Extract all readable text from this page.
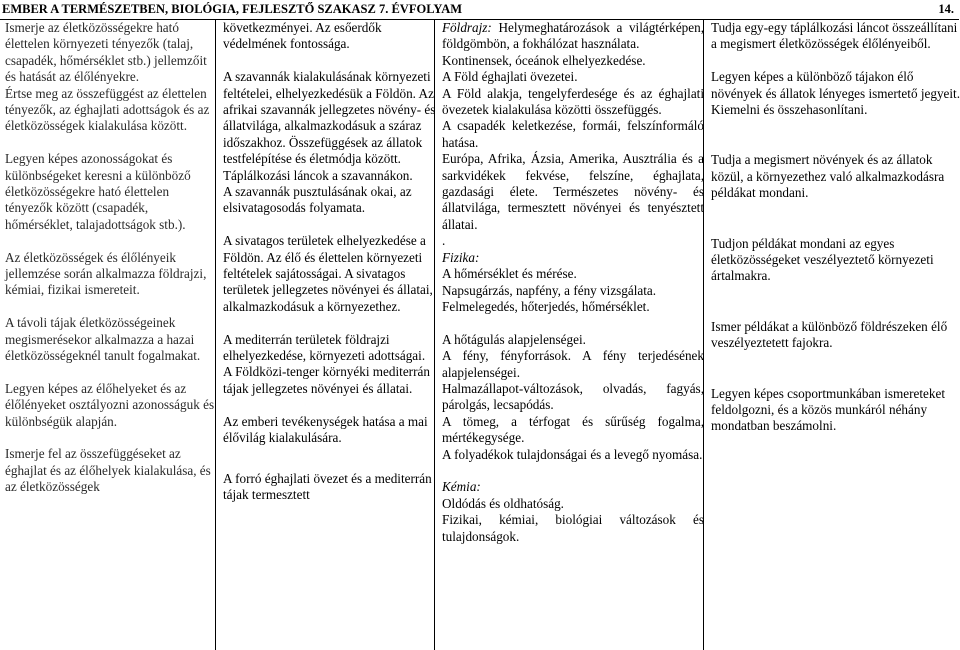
EMBER A TERMÉSZETBEN, BIOLÓGIA, FEJLESZTŐ SZAKASZ 7. ÉVFOLYAM	14.

Ismerje az életközösségekre ható élettelen környezeti tényezők (talaj, csapadék, hőmérséklet stb.) jellemzőit és hatását az élőlényekre.

Értse meg az összefüggést az élettelen tényezők, az éghajlati adottságok és az életközösségek kialakulása között.

Legyen képes azonosságokat és különbségeket keresni a különböző életközösségekre ható élettelen tényezők között (csapadék, hőmérséklet, talajadottságok stb.).

Az életközösségek és élőlényeik jellemzése során alkalmazza földrajzi, kémiai, fizikai ismereteit.

A távoli tájak életközösségeinek megismerésekor alkalmazza a hazai életközösségeknél tanult fogalmakat.

Legyen képes az élőhelyeket és az élőlényeket osztályozni azonosságuk és különbségük alapján.

Ismerje fel az összefüggéseket az éghajlat és az élőhelyek kialakulása, és az életközösségek

következményei. Az esőerdők védelmének fontossága.

A szavannák kialakulásának környezeti feltételei, elhelyezkedésük a Földön. Az afrikai szavannák jellegzetes növény- és állatvilága, alkalmazkodásuk a száraz időszakhoz. Összefüggések az állatok testfelépítése és életmódja között.

Táplálkozási láncok a szavannákon.

A szavannák pusztulásának okai, az elsivatagosodás folyamata.

A sivatagos területek elhelyezkedése a Földön. Az élő és élettelen környezeti feltételek sajátosságai. A sivatagos területek jellegzetes növényei és állatai, alkalmazkodásuk a környezethez.

A mediterrán területek földrajzi elhelyezkedése, környezeti adottságai. A Földközi-tenger környéki mediterrán tájak jellegzetes növényei és állatai.

Az emberi tevékenységek hatása a mai élővilág kialakulására.

A forró éghajlati övezet és a mediterrán tájak termesztett

Földrajz: Helymeghatározások a világtérképen, földgömbön, a fokhálózat használata.

Kontinensek, óceánok elhelyezkedése.

A Föld éghajlati övezetei.

A Föld alakja, tengelyferdesége és az éghajlati övezetek kialakulása közötti összefüggés.

A csapadék keletkezése, formái, felszínformáló hatása.

Európa, Afrika, Ázsia, Amerika, Ausztrália és a sarkvidékek fekvése, felszíne, éghajlata, gazdasági élete. Természetes növény- és állatvilága, termesztett növényei és tenyésztett állatai.

.

Fizika:

A hőmérséklet és mérése.

Napsugárzás, napfény, a fény vizsgálata.

Felmelegedés, hőterjedés, hőmérséklet.

A hőtágulás alapjelenségei.

A fény, fényforrások. A fény terjedésének alapjelenségei.

Halmazállapot-változások, olvadás, fagyás, párolgás, lecsapódás.

A tömeg, a térfogat és sűrűség fogalma, mértékegysége.

A folyadékok tulajdonságai és a levegő nyomása.

Kémia:

Oldódás és oldhatóság.

Fizikai, kémiai, biológiai változások és tulajdonságok.

Tudja egy-egy táplálkozási láncot összeállítani a megismert életközösségek élőlényeiből.

Legyen képes a különböző tájakon élő növények és állatok lényeges ismertető jegyeit. Kiemelni és összehasonlítani.

Tudja a megismert növények és az állatok közül, a környezethez való alkalmazkodásra példákat mondani.

Tudjon példákat mondani az egyes életközösségeket veszélyeztető környezeti ártalmakra.

Ismer példákat a különböző földrészeken élő veszélyeztetett fajokra.

Legyen képes csoportmunkában ismereteket feldolgozni, és a közös munkáról néhány mondatban beszámolni.
